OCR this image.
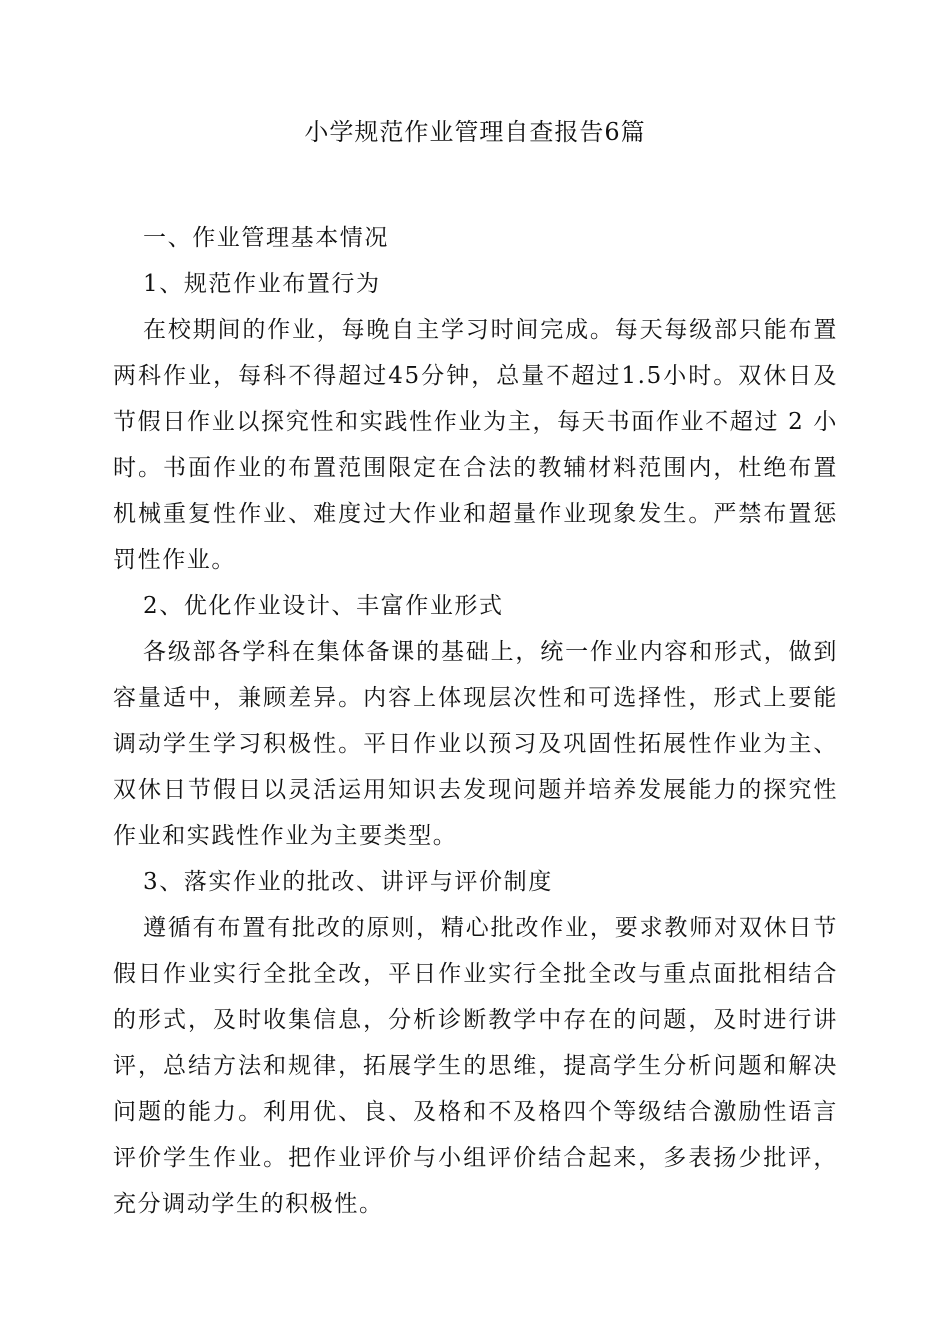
小学规范作业管理自查报告6篇

一、作业管理基本情况

1、规范作业布置行为

在校期间的作业，每晚自主学习时间完成。每天每级部只能布置两科作业，每科不得超过45分钟，总量不超过1.5小时。双休日及节假日作业以探究性和实践性作业为主，每天书面作业不超过 2 小时。书面作业的布置范围限定在合法的教辅材料范围内，杜绝布置机械重复性作业、难度过大作业和超量作业现象发生。严禁布置惩罚性作业。

2、优化作业设计、丰富作业形式

各级部各学科在集体备课的基础上，统一作业内容和形式，做到容量适中，兼顾差异。内容上体现层次性和可选择性，形式上要能调动学生学习积极性。平日作业以预习及巩固性拓展性作业为主、双休日节假日以灵活运用知识去发现问题并培养发展能力的探究性作业和实践性作业为主要类型。

3、落实作业的批改、讲评与评价制度

遵循有布置有批改的原则，精心批改作业，要求教师对双休日节假日作业实行全批全改，平日作业实行全批全改与重点面批相结合的形式，及时收集信息，分析诊断教学中存在的问题，及时进行讲评，总结方法和规律，拓展学生的思维，提高学生分析问题和解决问题的能力。利用优、良、及格和不及格四个等级结合激励性语言评价学生作业。把作业评价与小组评价结合起来，多表扬少批评，充分调动学生的积极性。
